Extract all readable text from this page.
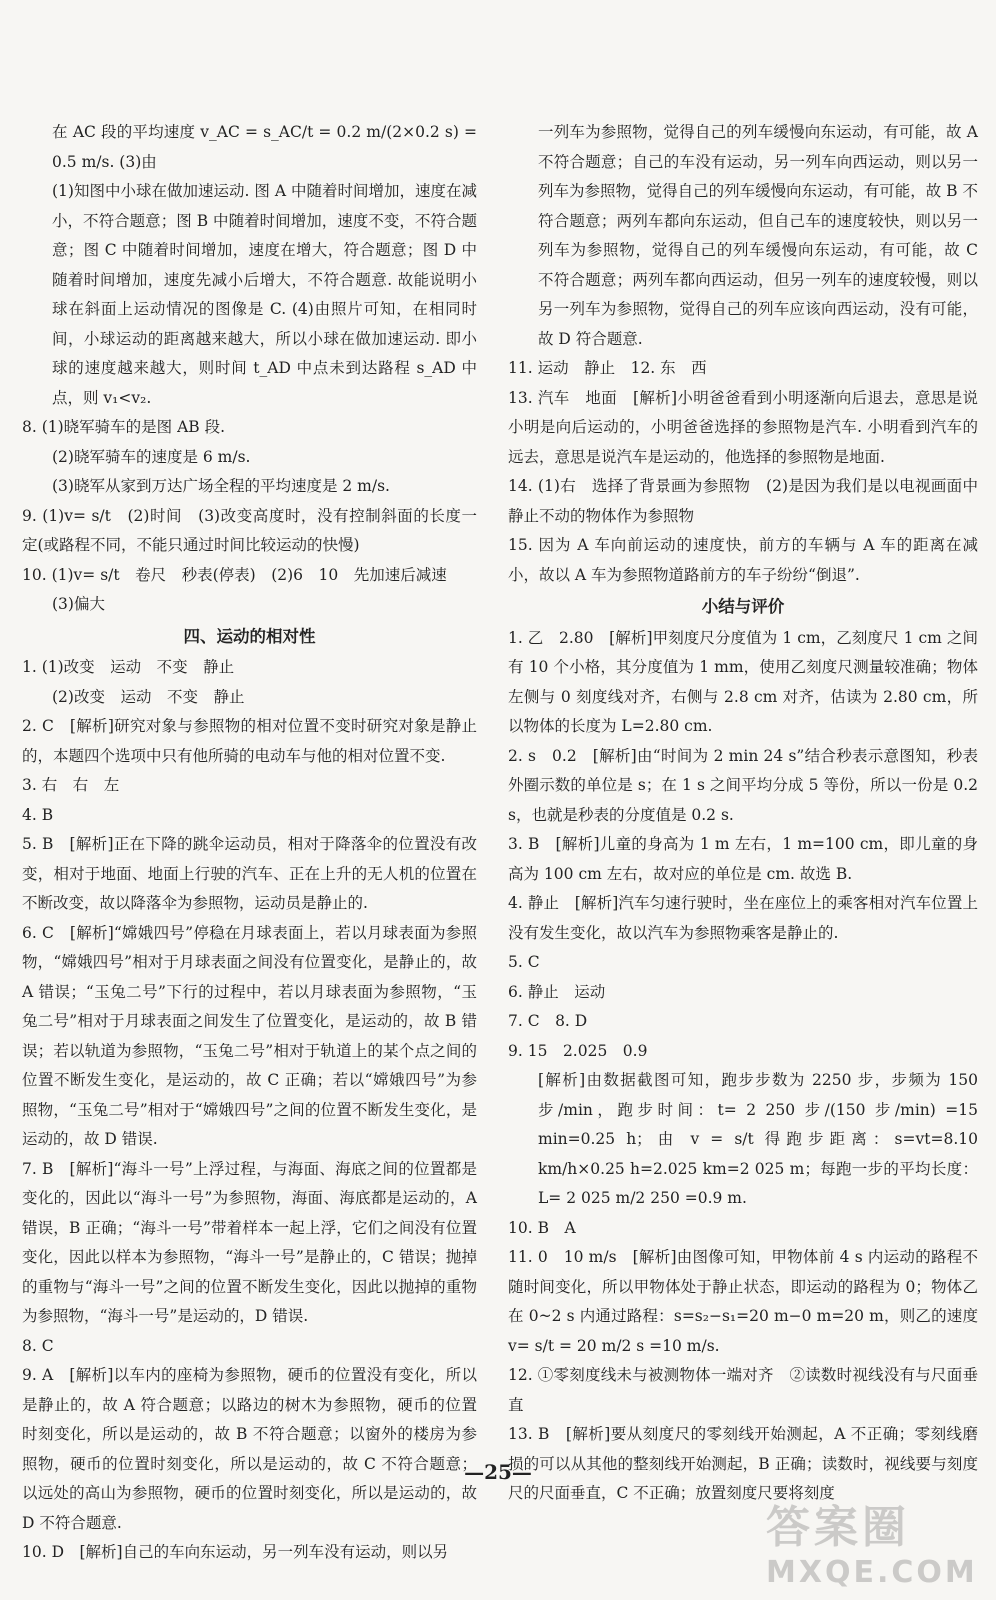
在 AC 段的平均速度 v_AC = s_AC/t = 0.2 m/(2×0.2 s) = 0.5 m/s. (3)由

(1)知图中小球在做加速运动. 图 A 中随着时间增加，速度在减小，不符合题意；图 B 中随着时间增加，速度不变，不符合题意；图 C 中随着时间增加，速度在增大，符合题意；图 D 中随着时间增加，速度先减小后增大，不符合题意. 故能说明小球在斜面上运动情况的图像是 C. (4)由照片可知，在相同时间，小球运动的距离越来越大，所以小球在做加速运动. 即小球的速度越来越大，则时间 t_AD 中点未到达路程 s_AD 中点，则 v₁<v₂.

8. (1)晓军骑车的是图 AB 段.

(2)晓军骑车的速度是 6 m/s.

(3)晓军从家到万达广场全程的平均速度是 2 m/s.

9. (1)v= s/t　(2)时间　(3)改变高度时，没有控制斜面的长度一定(或路程不同，不能只通过时间比较运动的快慢)

10. (1)v= s/t　卷尺　秒表(停表)　(2)6　10　先加速后减速

(3)偏大

四、运动的相对性

1. (1)改变　运动　不变　静止

(2)改变　运动　不变　静止

2. C　[解析]研究对象与参照物的相对位置不变时研究对象是静止的，本题四个选项中只有他所骑的电动车与他的相对位置不变.

3. 右　右　左

4. B

5. B　[解析]正在下降的跳伞运动员，相对于降落伞的位置没有改变，相对于地面、地面上行驶的汽车、正在上升的无人机的位置在不断改变，故以降落伞为参照物，运动员是静止的.

6. C　[解析]“嫦娥四号”停稳在月球表面上，若以月球表面为参照物，“嫦娥四号”相对于月球表面之间没有位置变化，是静止的，故 A 错误；“玉兔二号”下行的过程中，若以月球表面为参照物，“玉兔二号”相对于月球表面之间发生了位置变化，是运动的，故 B 错误；若以轨道为参照物，“玉兔二号”相对于轨道上的某个点之间的位置不断发生变化，是运动的，故 C 正确；若以“嫦娥四号”为参照物，“玉兔二号”相对于“嫦娥四号”之间的位置不断发生变化，是运动的，故 D 错误.

7. B　[解析]“海斗一号”上浮过程，与海面、海底之间的位置都是变化的，因此以“海斗一号”为参照物，海面、海底都是运动的，A 错误，B 正确；“海斗一号”带着样本一起上浮，它们之间没有位置变化，因此以样本为参照物，“海斗一号”是静止的，C 错误；抛掉的重物与“海斗一号”之间的位置不断发生变化，因此以抛掉的重物为参照物，“海斗一号”是运动的，D 错误.

8. C

9. A　[解析]以车内的座椅为参照物，硬币的位置没有变化，所以是静止的，故 A 符合题意；以路边的树木为参照物，硬币的位置时刻变化，所以是运动的，故 B 不符合题意；以窗外的楼房为参照物，硬币的位置时刻变化，所以是运动的，故 C 不符合题意；以远处的高山为参照物，硬币的位置时刻变化，所以是运动的，故 D 不符合题意.

10. D　[解析]自己的车向东运动，另一列车没有运动，则以另

一列车为参照物，觉得自己的列车缓慢向东运动，有可能，故 A 不符合题意；自己的车没有运动，另一列车向西运动，则以另一列车为参照物，觉得自己的列车缓慢向东运动，有可能，故 B 不符合题意；两列车都向东运动，但自己车的速度较快，则以另一列车为参照物，觉得自己的列车缓慢向东运动，有可能，故 C 不符合题意；两列车都向西运动，但另一列车的速度较慢，则以另一列车为参照物，觉得自己的列车应该向西运动，没有可能，故 D 符合题意.

11. 运动　静止　12. 东　西

13. 汽车　地面　[解析]小明爸爸看到小明逐渐向后退去，意思是说小明是向后运动的，小明爸爸选择的参照物是汽车. 小明看到汽车的远去，意思是说汽车是运动的，他选择的参照物是地面.

14. (1)右　选择了背景画为参照物　(2)是因为我们是以电视画面中静止不动的物体作为参照物

15. 因为 A 车向前运动的速度快，前方的车辆与 A 车的距离在减小，故以 A 车为参照物道路前方的车子纷纷“倒退”.

小结与评价

1. 乙　2.80　[解析]甲刻度尺分度值为 1 cm，乙刻度尺 1 cm 之间有 10 个小格，其分度值为 1 mm，使用乙刻度尺测量较准确；物体左侧与 0 刻度线对齐，右侧与 2.8 cm 对齐，估读为 2.80 cm，所以物体的长度为 L=2.80 cm.

2. s　0.2　[解析]由“时间为 2 min 24 s”结合秒表示意图知，秒表外圈示数的单位是 s；在 1 s 之间平均分成 5 等份，所以一份是 0.2 s，也就是秒表的分度值是 0.2 s.

3. B　[解析]儿童的身高为 1 m 左右，1 m=100 cm，即儿童的身高为 100 cm 左右，故对应的单位是 cm. 故选 B.

4. 静止　[解析]汽车匀速行驶时，坐在座位上的乘客相对汽车位置上没有发生变化，故以汽车为参照物乘客是静止的.

5. C

6. 静止　运动

7. C　8. D

9. 15　2.025　0.9

[解析]由数据截图可知，跑步步数为 2250 步，步频为 150 步/min，跑步时间：t= 2 250 步/(150 步/min) =15 min=0.25 h；由 v = s/t 得跑步距离：s=vt=8.10 km/h×0.25 h=2.025 km=2 025 m；每跑一步的平均长度：L= 2 025 m/2 250 =0.9 m.

10. B　A

11. 0　10 m/s　[解析]由图像可知，甲物体前 4 s 内运动的路程不随时间变化，所以甲物体处于静止状态，即运动的路程为 0；物体乙在 0~2 s 内通过路程：s=s₂−s₁=20 m−0 m=20 m，则乙的速度 v= s/t = 20 m/2 s =10 m/s.

12. ①零刻度线未与被测物体一端对齐　②读数时视线没有与尺面垂直

13. B　[解析]要从刻度尺的零刻线开始测起，A 不正确；零刻线磨损的可以从其他的整刻线开始测起，B 正确；读数时，视线要与刻度尺的尺面垂直，C 不正确；放置刻度尺要将刻度

—25—
答案圈
MXQE.COM
